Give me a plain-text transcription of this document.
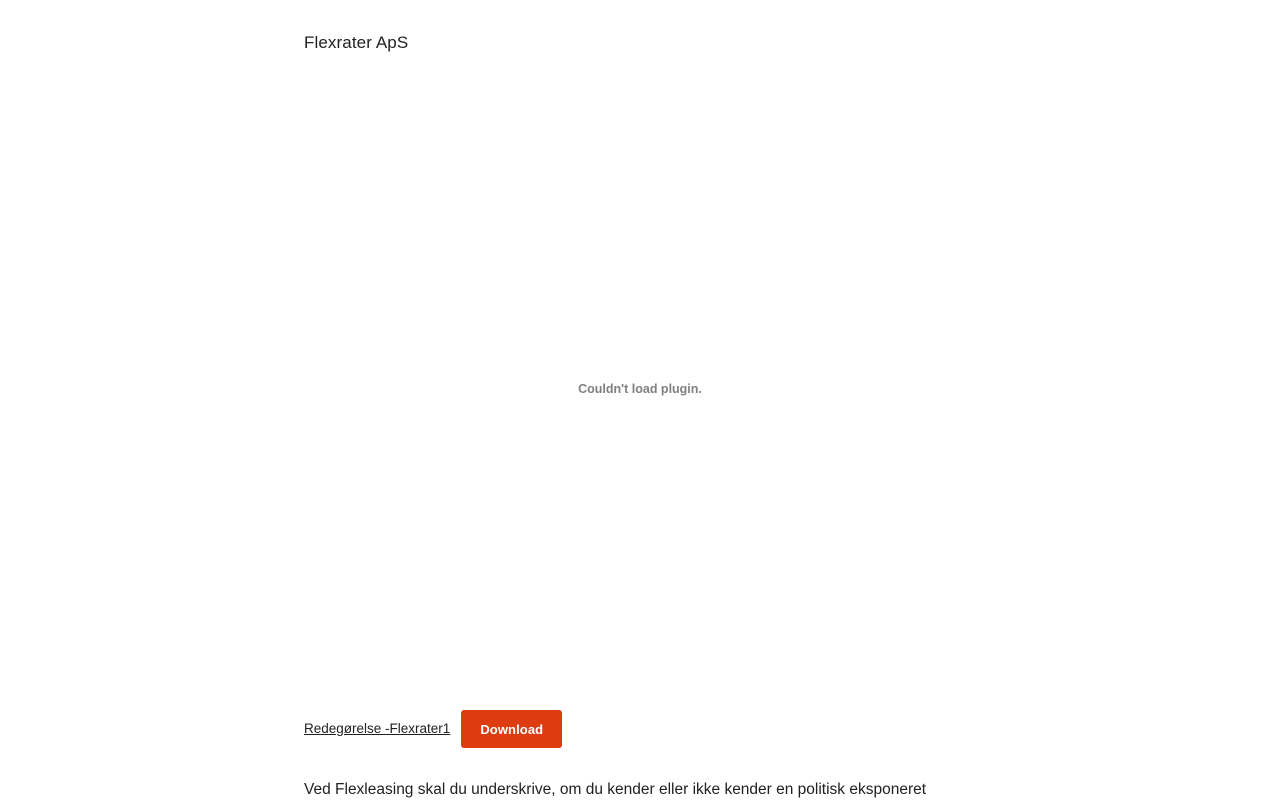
Flexrater ApS
Couldn't load plugin.
Redegørelse -Flexrater1	Download
Ved Flexleasing skal du underskrive, om du kender eller ikke kender en politisk eksponeret
